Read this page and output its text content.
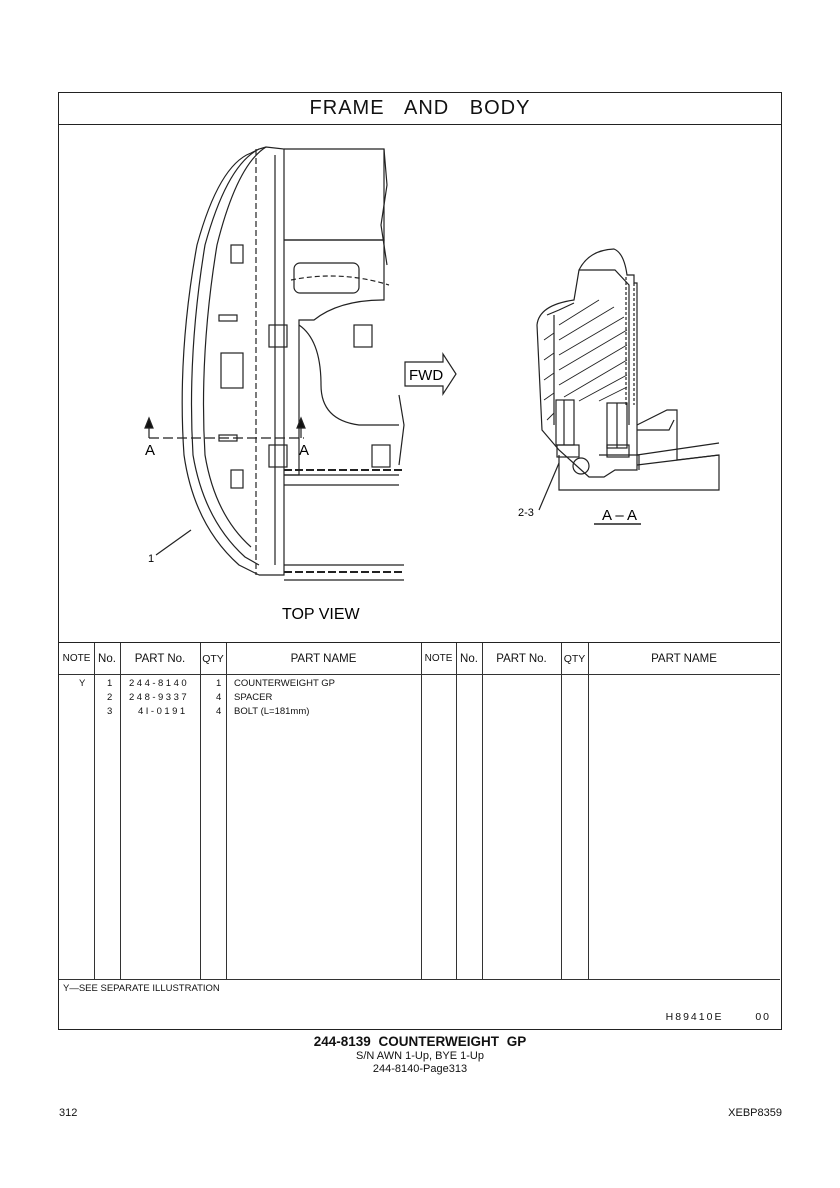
FRAME AND BODY
A	A
1
FWD
2-3	A – A
TOP VIEW
NOTE No.	PART No.	QTY	PART NAME	NOTE No.	PART No.	QTY	PART NAME
Y 1 244-8140	1 COUNTERWEIGHT GP
2 248-9337	4 SPACER
3	4I-0191	4 BOLT (L=181mm)
Y—SEE SEPARATE ILLUSTRATION
H89410E	00
244-8139 COUNTERWEIGHT GP
S/N AWN 1-Up, BYE 1-Up
244-8140-Page313
312	XEBP8359
